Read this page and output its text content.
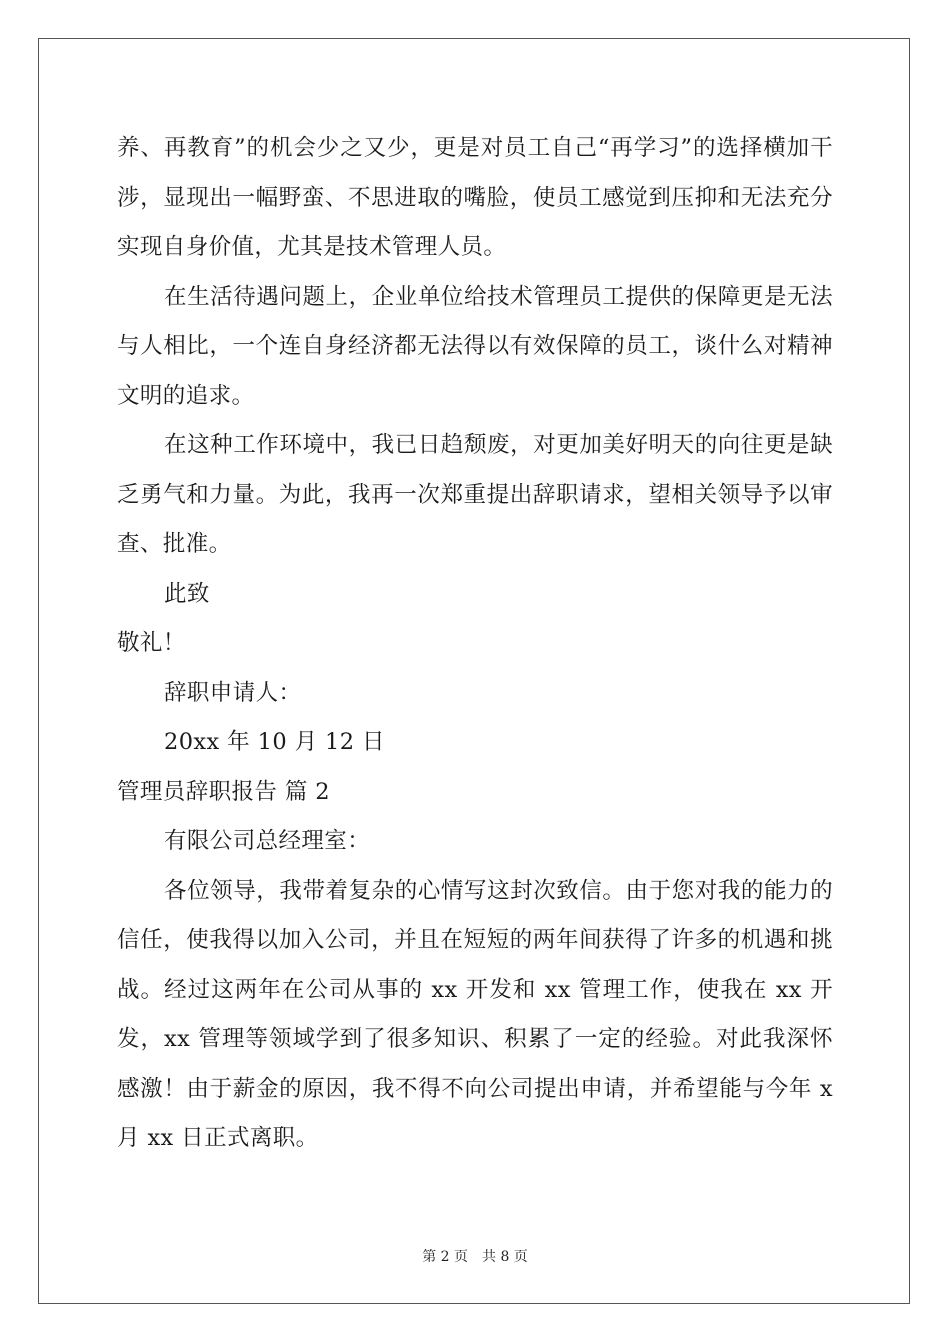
养、再教育”的机会少之又少，更是对员工自己“再学习”的选择横加干涉，显现出一幅野蛮、不思进取的嘴脸，使员工感觉到压抑和无法充分实现自身价值，尤其是技术管理人员。

在生活待遇问题上，企业单位给技术管理员工提供的保障更是无法与人相比，一个连自身经济都无法得以有效保障的员工，谈什么对精神文明的追求。

在这种工作环境中，我已日趋颓废，对更加美好明天的向往更是缺乏勇气和力量。为此，我再一次郑重提出辞职请求，望相关领导予以审查、批准。

此致

敬礼！

辞职申请人：

20xx 年 10 月 12 日

管理员辞职报告 篇 2

有限公司总经理室：

各位领导，我带着复杂的心情写这封次致信。由于您对我的能力的信任，使我得以加入公司，并且在短短的两年间获得了许多的机遇和挑战。经过这两年在公司从事的 xx 开发和 xx 管理工作，使我在 xx 开发，xx 管理等领域学到了很多知识、积累了一定的经验。对此我深怀感激！由于薪金的原因，我不得不向公司提出申请，并希望能与今年 x 月 xx 日正式离职。

第 2 页 共 8 页
